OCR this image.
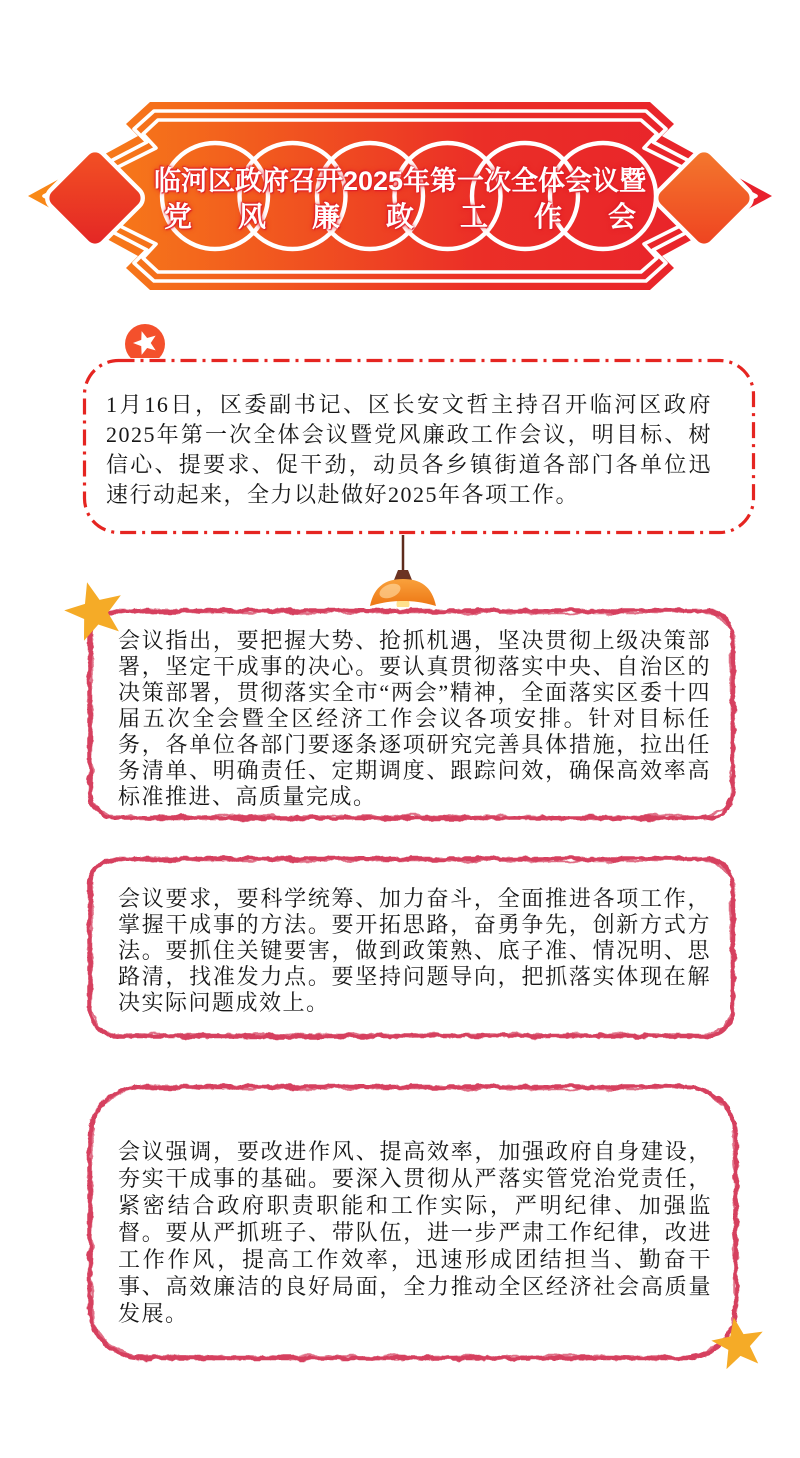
临河区政府召开2025年第一次全体会议暨
党风廉政工作会

1月16日，区委副书记、区长安文哲主持召开临河区政府2025年第一次全体会议暨党风廉政工作会议，明目标、树信心、提要求、促干劲，动员各乡镇街道各部门各单位迅速行动起来，全力以赴做好2025年各项工作。

会议指出，要把握大势、抢抓机遇，坚决贯彻上级决策部署，坚定干成事的决心。要认真贯彻落实中央、自治区的决策部署，贯彻落实全市“两会”精神，全面落实区委十四届五次全会暨全区经济工作会议各项安排。针对目标任务，各单位各部门要逐条逐项研究完善具体措施，拉出任务清单、明确责任、定期调度、跟踪问效，确保高效率高标准推进、高质量完成。

会议要求，要科学统筹、加力奋斗，全面推进各项工作，掌握干成事的方法。要开拓思路，奋勇争先，创新方式方法。要抓住关键要害，做到政策熟、底子准、情况明、思路清，找准发力点。要坚持问题导向，把抓落实体现在解决实际问题成效上。

会议强调，要改进作风、提高效率，加强政府自身建设，夯实干成事的基础。要深入贯彻从严落实管党治党责任，紧密结合政府职责职能和工作实际，严明纪律、加强监督。要从严抓班子、带队伍，进一步严肃工作纪律，改进工作作风，提高工作效率，迅速形成团结担当、勤奋干事、高效廉洁的良好局面，全力推动全区经济社会高质量发展。
